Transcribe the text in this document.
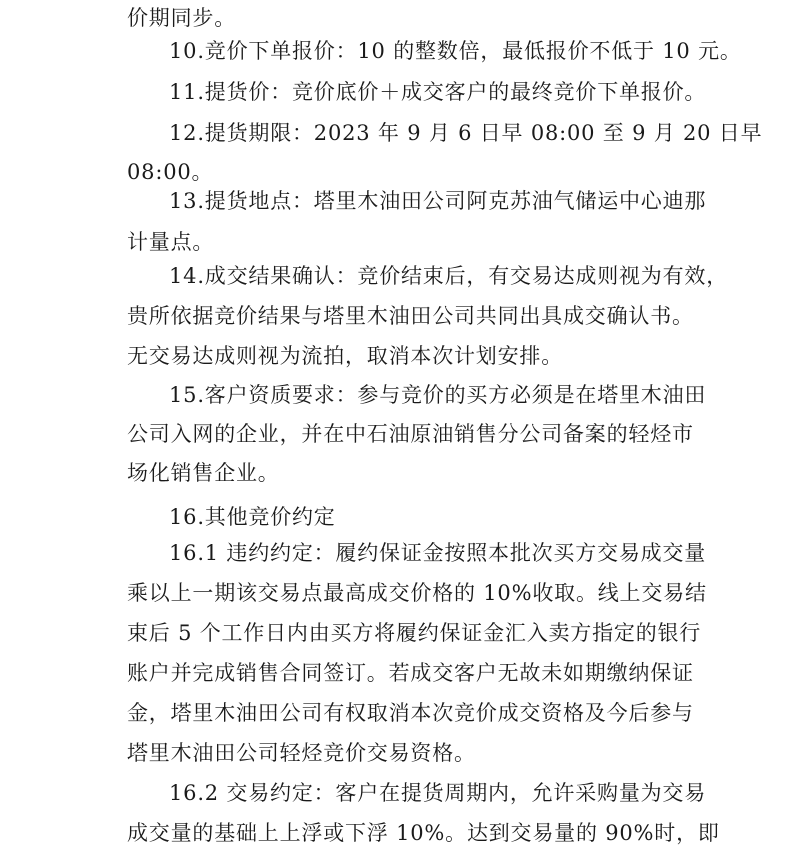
价期同步。
10.竞价下单报价：10 的整数倍，最低报价不低于 10 元。
11.提货价：竞价底价＋成交客户的最终竞价下单报价。
12.提货期限：2023 年 9 月 6 日早 08:00 至 9 月 20 日早
08:00。
13.提货地点：塔里木油田公司阿克苏油气储运中心迪那
计量点。
14.成交结果确认：竞价结束后，有交易达成则视为有效，
贵所依据竞价结果与塔里木油田公司共同出具成交确认书。
无交易达成则视为流拍，取消本次计划安排。
15.客户资质要求：参与竞价的买方必须是在塔里木油田
公司入网的企业，并在中石油原油销售分公司备案的轻烃市
场化销售企业。
16.其他竞价约定
16.1 违约约定：履约保证金按照本批次买方交易成交量
乘以上一期该交易点最高成交价格的 10%收取。线上交易结
束后 5 个工作日内由买方将履约保证金汇入卖方指定的银行
账户并完成销售合同签订。若成交客户无故未如期缴纳保证
金，塔里木油田公司有权取消本次竞价成交资格及今后参与
塔里木油田公司轻烃竞价交易资格。
16.2 交易约定：客户在提货周期内，允许采购量为交易
成交量的基础上上浮或下浮 10%。达到交易量的 90%时，即
